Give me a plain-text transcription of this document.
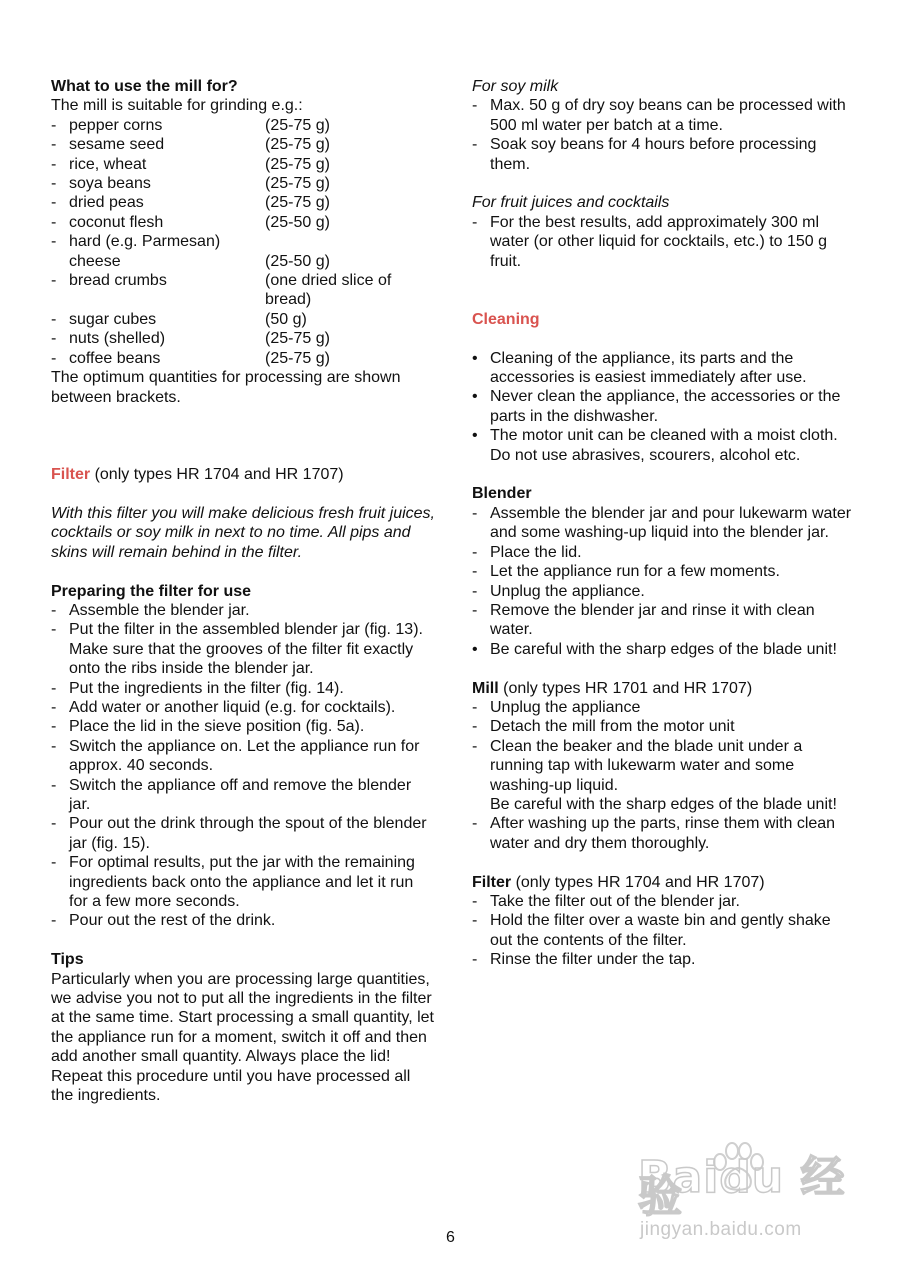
What to use the mill for?

The mill is suitable for grinding e.g.:

- pepper corns	(25-75 g)
- sesame seed	(25-75 g)
- rice, wheat	(25-75 g)
- soya beans	(25-75 g)
- dried peas	(25-75 g)
- coconut flesh	(25-50 g)
- hard (e.g. Parmesan) cheese	(25-50 g)
- bread crumbs	(one dried slice of bread)
- sugar cubes	(50 g)
- nuts (shelled)	(25-75 g)
- coffee beans	(25-75 g)

The optimum quantities for processing are shown between brackets.

Filter (only types HR 1704 and HR 1707)

With this filter you will make delicious fresh fruit juices, cocktails or soy milk in next to no time. All pips and skins will remain behind in the filter.

Preparing the filter for use

- Assemble the blender jar.
- Put the filter in the assembled blender jar (fig. 13). Make sure that the grooves of the filter fit exactly onto the ribs inside the blender jar.
- Put the ingredients in the filter (fig. 14).
- Add water or another liquid (e.g. for cocktails).
- Place the lid in the sieve position (fig. 5a).
- Switch the appliance on. Let the appliance run for approx. 40 seconds.
- Switch the appliance off and remove the blender jar.
- Pour out the drink through the spout of the blender jar (fig. 15).
- For optimal results, put the jar with the remaining ingredients back onto the appliance and let it run for a few more seconds.
- Pour out the rest of the drink.

Tips

Particularly when you are processing large quantities, we advise you not to put all the ingredients in the filter at the same time. Start processing a small quantity, let the appliance run for a moment, switch it off and then add another small quantity. Always place the lid! Repeat this procedure until you have processed all the ingredients.

For soy milk

- Max. 50 g of dry soy beans can be processed with 500 ml water per batch at a time.
- Soak soy beans for 4 hours before processing them.

For fruit juices and cocktails

- For the best results, add approximately 300 ml water (or other liquid for cocktails, etc.) to 150 g fruit.

Cleaning

• Cleaning of the appliance, its parts and the accessories is easiest immediately after use.
• Never clean the appliance, the accessories or the parts in the dishwasher.
• The motor unit can be cleaned with a moist cloth. Do not use abrasives, scourers, alcohol etc.

Blender

- Assemble the blender jar and pour lukewarm water and some washing-up liquid into the blender jar.
- Place the lid.
- Let the appliance run for a few moments.
- Unplug the appliance.
- Remove the blender jar and rinse it with clean water.
• Be careful with the sharp edges of the blade unit!

Mill (only types HR 1701 and HR 1707)

- Unplug the appliance
- Detach the mill from the motor unit
- Clean the beaker and the blade unit under a running tap with lukewarm water and some washing-up liquid.
Be careful with the sharp edges of the blade unit!
- After washing up the parts, rinse them with clean water and dry them thoroughly.

Filter (only types HR 1704 and HR 1707)

- Take the filter out of the blender jar.
- Hold the filter over a waste bin and gently shake out the contents of the filter.
- Rinse the filter under the tap.
Baidu 经验
jingyan.baidu.com
6
